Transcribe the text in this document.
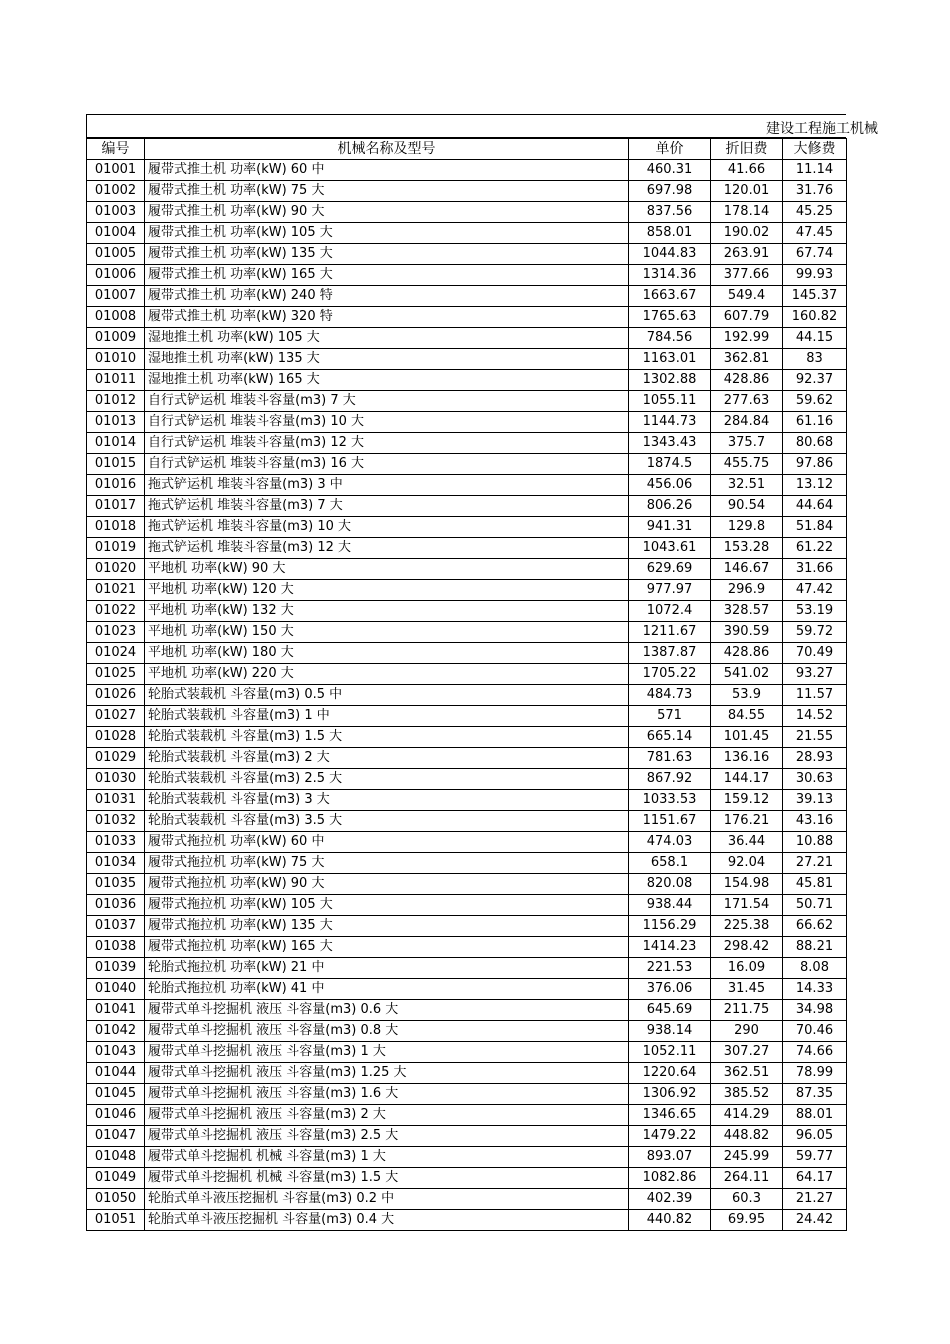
建设工程施工机械
编号	机械名称及型号	单价	折旧费	大修费
01001	履带式推土机 功率(kW) 60 中	460.31	41.66	11.14
01002	履带式推土机 功率(kW) 75 大	697.98	120.01	31.76
01003	履带式推土机 功率(kW) 90 大	837.56	178.14	45.25
01004	履带式推土机 功率(kW) 105 大	858.01	190.02	47.45
01005	履带式推土机 功率(kW) 135 大	1044.83	263.91	67.74
01006	履带式推土机 功率(kW) 165 大	1314.36	377.66	99.93
01007	履带式推土机 功率(kW) 240 特	1663.67	549.4	145.37
01008	履带式推土机 功率(kW) 320 特	1765.63	607.79	160.82
01009	湿地推土机 功率(kW) 105 大	784.56	192.99	44.15
01010	湿地推土机 功率(kW) 135 大	1163.01	362.81	83
01011	湿地推土机 功率(kW) 165 大	1302.88	428.86	92.37
01012	自行式铲运机 堆装斗容量(m3) 7 大	1055.11	277.63	59.62
01013	自行式铲运机 堆装斗容量(m3) 10 大	1144.73	284.84	61.16
01014	自行式铲运机 堆装斗容量(m3) 12 大	1343.43	375.7	80.68
01015	自行式铲运机 堆装斗容量(m3) 16 大	1874.5	455.75	97.86
01016	拖式铲运机 堆装斗容量(m3) 3 中	456.06	32.51	13.12
01017	拖式铲运机 堆装斗容量(m3) 7 大	806.26	90.54	44.64
01018	拖式铲运机 堆装斗容量(m3) 10 大	941.31	129.8	51.84
01019	拖式铲运机 堆装斗容量(m3) 12 大	1043.61	153.28	61.22
01020	平地机 功率(kW) 90 大	629.69	146.67	31.66
01021	平地机 功率(kW) 120 大	977.97	296.9	47.42
01022	平地机 功率(kW) 132 大	1072.4	328.57	53.19
01023	平地机 功率(kW) 150 大	1211.67	390.59	59.72
01024	平地机 功率(kW) 180 大	1387.87	428.86	70.49
01025	平地机 功率(kW) 220 大	1705.22	541.02	93.27
01026	轮胎式装载机 斗容量(m3) 0.5 中	484.73	53.9	11.57
01027	轮胎式装载机 斗容量(m3) 1 中	571	84.55	14.52
01028	轮胎式装载机 斗容量(m3) 1.5 大	665.14	101.45	21.55
01029	轮胎式装载机 斗容量(m3) 2 大	781.63	136.16	28.93
01030	轮胎式装载机 斗容量(m3) 2.5 大	867.92	144.17	30.63
01031	轮胎式装载机 斗容量(m3) 3 大	1033.53	159.12	39.13
01032	轮胎式装载机 斗容量(m3) 3.5 大	1151.67	176.21	43.16
01033	履带式拖拉机 功率(kW) 60 中	474.03	36.44	10.88
01034	履带式拖拉机 功率(kW) 75 大	658.1	92.04	27.21
01035	履带式拖拉机 功率(kW) 90 大	820.08	154.98	45.81
01036	履带式拖拉机 功率(kW) 105 大	938.44	171.54	50.71
01037	履带式拖拉机 功率(kW) 135 大	1156.29	225.38	66.62
01038	履带式拖拉机 功率(kW) 165 大	1414.23	298.42	88.21
01039	轮胎式拖拉机 功率(kW) 21 中	221.53	16.09	8.08
01040	轮胎式拖拉机 功率(kW) 41 中	376.06	31.45	14.33
01041	履带式单斗挖掘机 液压 斗容量(m3) 0.6 大	645.69	211.75	34.98
01042	履带式单斗挖掘机 液压 斗容量(m3) 0.8 大	938.14	290	70.46
01043	履带式单斗挖掘机 液压 斗容量(m3) 1 大	1052.11	307.27	74.66
01044	履带式单斗挖掘机 液压 斗容量(m3) 1.25 大	1220.64	362.51	78.99
01045	履带式单斗挖掘机 液压 斗容量(m3) 1.6 大	1306.92	385.52	87.35
01046	履带式单斗挖掘机 液压 斗容量(m3) 2 大	1346.65	414.29	88.01
01047	履带式单斗挖掘机 液压 斗容量(m3) 2.5 大	1479.22	448.82	96.05
01048	履带式单斗挖掘机 机械 斗容量(m3) 1 大	893.07	245.99	59.77
01049	履带式单斗挖掘机 机械 斗容量(m3) 1.5 大	1082.86	264.11	64.17
01050	轮胎式单斗液压挖掘机 斗容量(m3) 0.2 中	402.39	60.3	21.27
01051	轮胎式单斗液压挖掘机 斗容量(m3) 0.4 大	440.82	69.95	24.42
